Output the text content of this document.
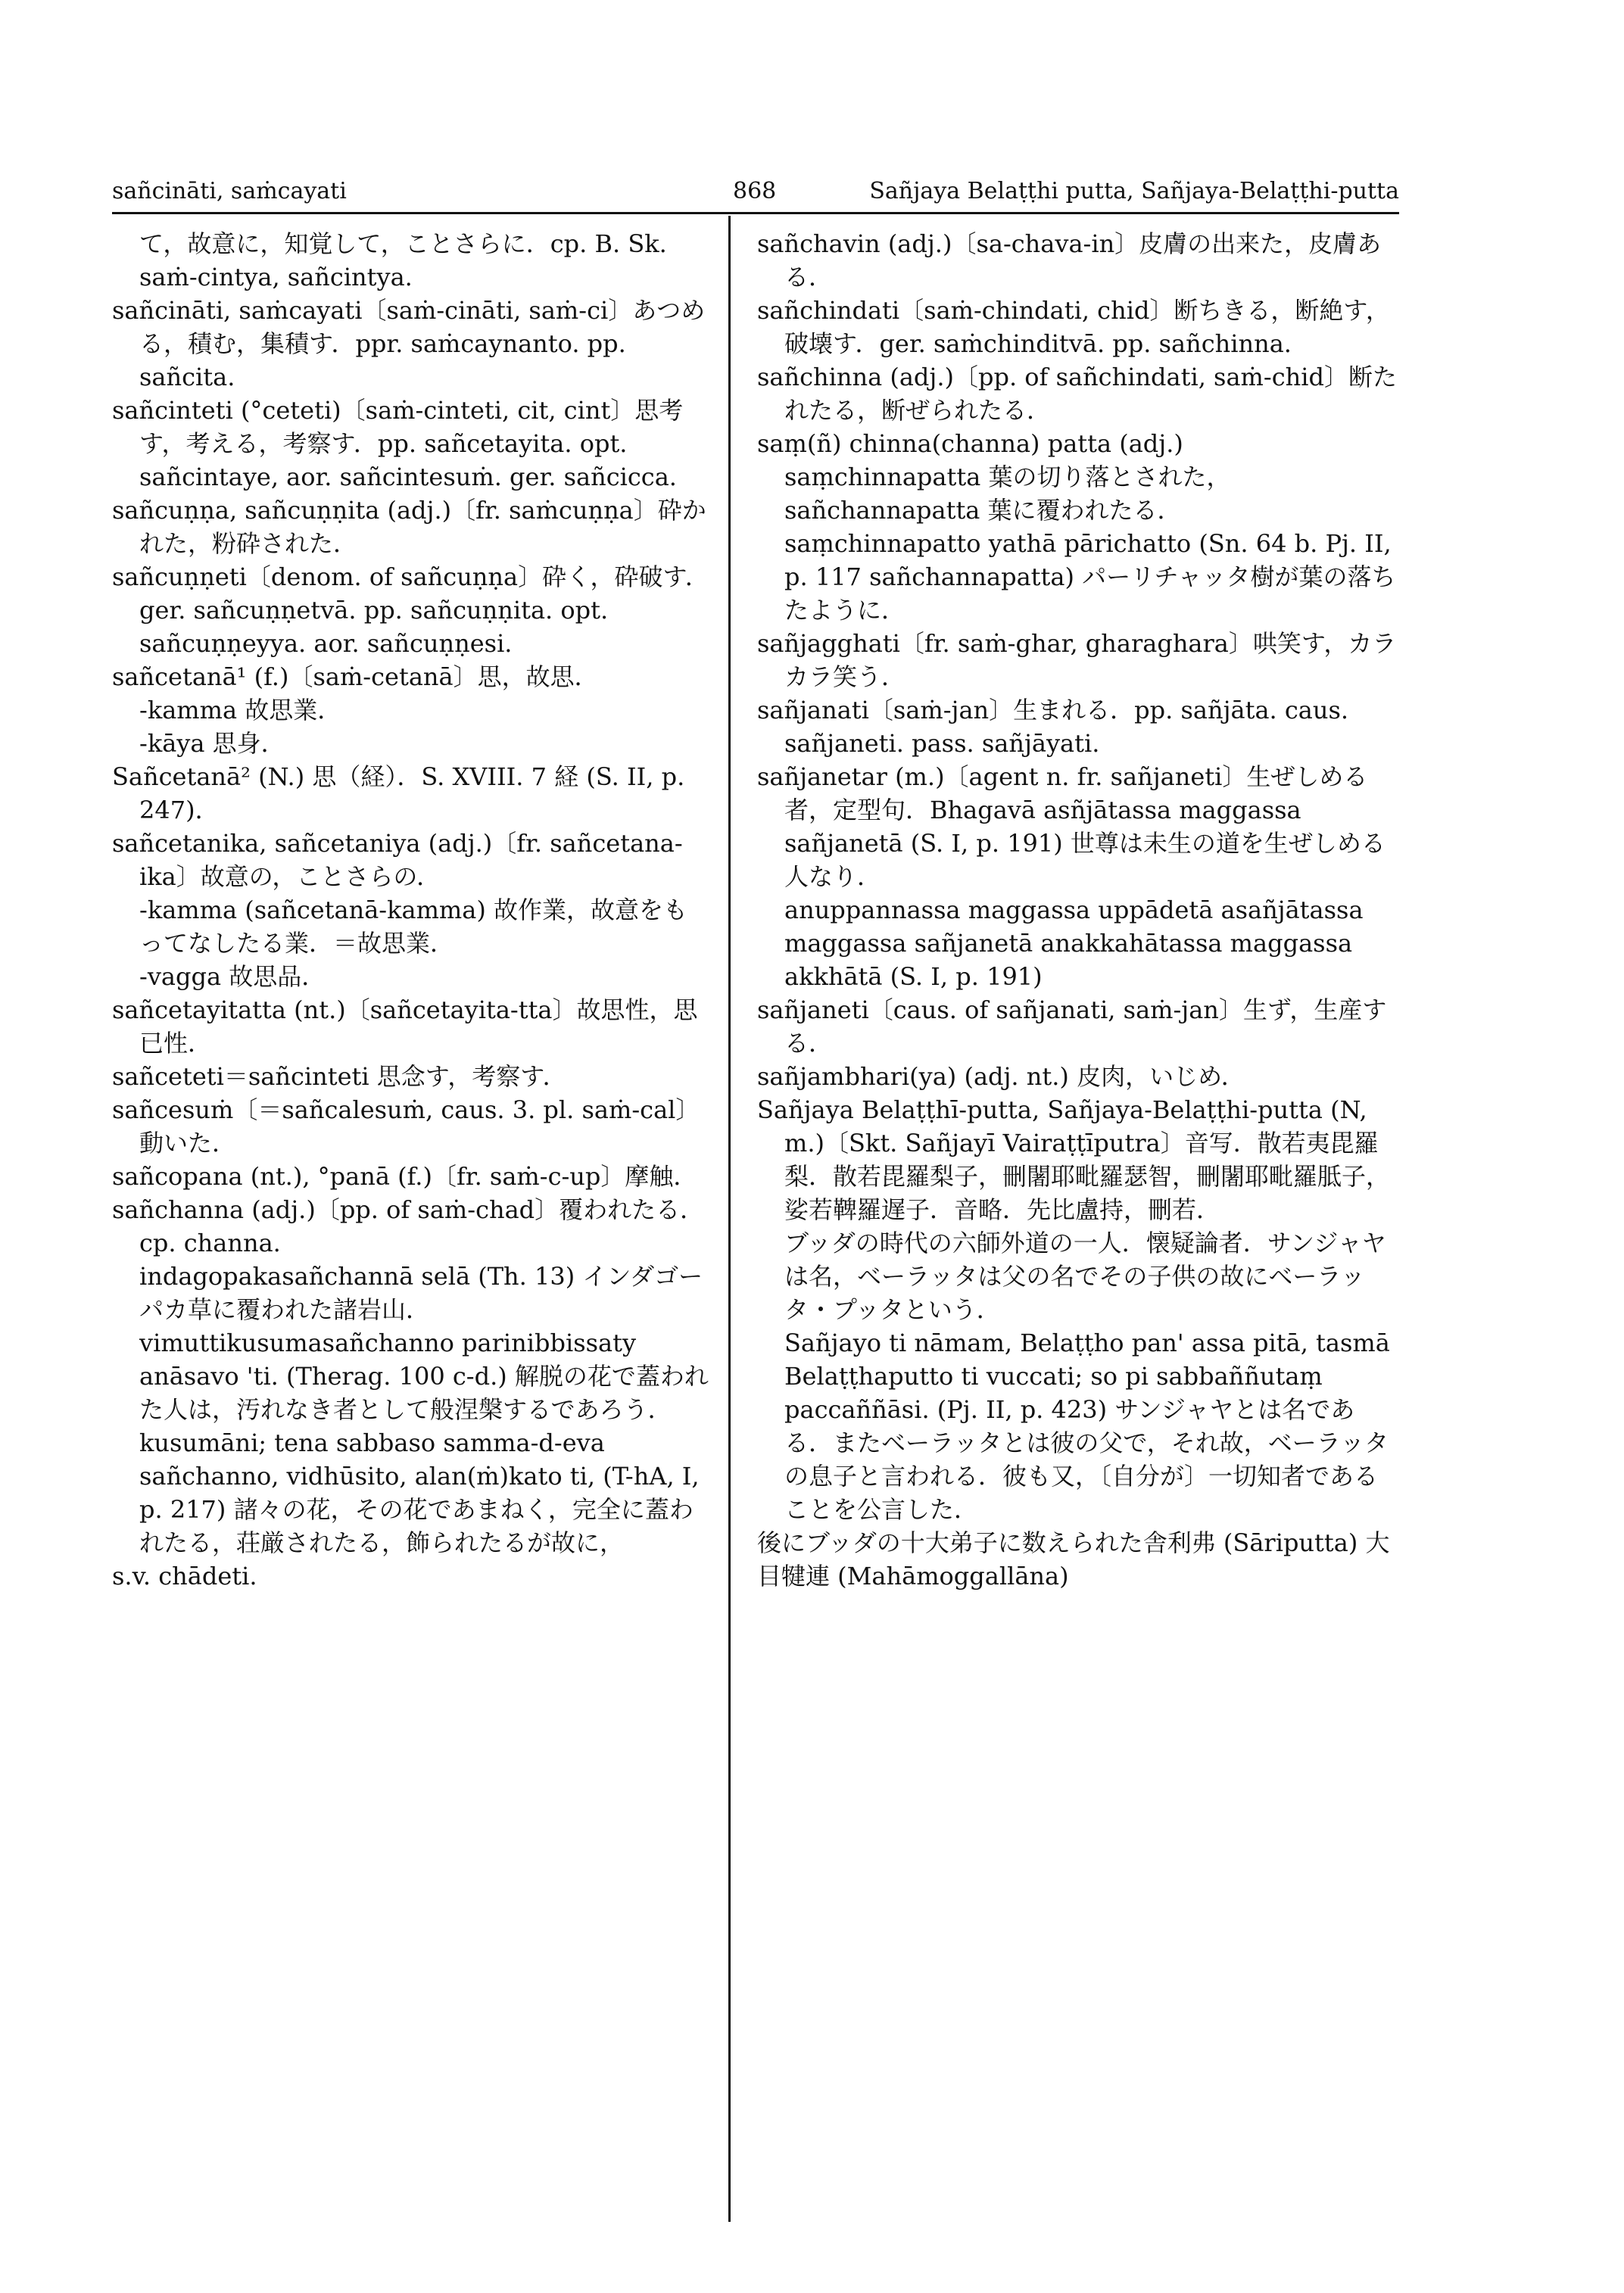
sañcināti, saṁcayati	868	Sañjaya Belaṭṭhi putta, Sañjaya-Belaṭṭhi-putta
て，故意に，知覚して，ことさらに．cp. B. Sk. saṁ-cintya, sañcintya.
sañcināti, saṁcayati〔saṁ-cināti, saṁ-ci〕あつめる，積む，集積す．ppr. saṁcaynanto. pp. sañcita.
sañcinteti (°ceteti)〔saṁ-cinteti, cit, cint〕思考す，考える，考察す．pp. sañcetayita. opt. sañcintaye, aor. sañcintesuṁ. ger. sañcicca.
sañcuṇṇa, sañcuṇṇita (adj.)〔fr. saṁcuṇṇa〕砕かれた，粉砕された．
sañcuṇṇeti〔denom. of sañcuṇṇa〕砕く，砕破す．ger. sañcuṇṇetvā. pp. sañcuṇṇita. opt. sañcuṇṇeyya. aor. sañcuṇṇesi.
sañcetanā¹ (f.)〔saṁ-cetanā〕思，故思．
-kamma 故思業．
-kāya 思身．
Sañcetanā² (N.) 思（経）．S. XVIII. 7 経 (S. II, p. 247)．
sañcetanika, sañcetaniya (adj.)〔fr. sañcetana-ika〕故意の，ことさらの．
-kamma (sañcetanā-kamma) 故作業，故意をもってなしたる業．＝故思業．
-vagga 故思品．
sañcetayitatta (nt.)〔sañcetayita-tta〕故思性，思已性．
sañceteti＝sañcinteti 思念す，考察す．
sañcesuṁ〔＝sañcalesuṁ, caus. 3. pl. saṁ-cal〕動いた．
sañcopana (nt.), °panā (f.)〔fr. saṁ-c-up〕摩触．
sañchanna (adj.)〔pp. of saṁ-chad〕覆われたる．cp. channa.
indagopakasañchannā selā (Th. 13) インダゴーパカ草に覆われた諸岩山．
vimuttikusumasañchanno parinibbissaty anāsavo 'ti. (Therag. 100 c-d.) 解脱の花で蓋われた人は，汚れなき者として般涅槃するであろう．
kusumāni; tena sabbaso samma-d-eva sañchanno, vidhūsito, alan(ṁ)kato ti, (T-hA, I, p. 217) 諸々の花，その花であまねく，完全に蓋われたる，荘厳されたる，飾られたるが故に，
s.v. chādeti.
sañchavin (adj.)〔sa-chava-in〕皮膚の出来た，皮膚ある．
sañchindati〔saṁ-chindati, chid〕断ちきる，断絶す，破壊す．ger. saṁchinditvā. pp. sañchinna.
sañchinna (adj.)〔pp. of sañchindati, saṁ-chid〕断たれたる，断ぜられたる．
saṃ(ñ) chinna(channa) patta (adj.)
saṃchinnapatta 葉の切り落とされた，
sañchannapatta 葉に覆われたる．
saṃchinnapatto yathā pārichatto (Sn. 64 b. Pj. II, p. 117 sañchannapatta) パーリチャッタ樹が葉の落ちたように．
sañjagghati〔fr. saṁ-ghar, gharaghara〕哄笑す，カラカラ笑う．
sañjanati〔saṁ-jan〕生まれる．pp. sañjāta. caus. sañjaneti. pass. sañjāyati.
sañjanetar (m.)〔agent n. fr. sañjaneti〕生ぜしめる者，定型句．Bhagavā asñjātassa maggassa sañjanetā (S. I, p. 191) 世尊は未生の道を生ぜしめる人なり．
anuppannassa maggassa uppādetā asañjātassa maggassa sañjanetā anakkahātassa maggassa akkhātā (S. I, p. 191)
sañjaneti〔caus. of sañjanati, saṁ-jan〕生ず，生産する．
sañjambhari(ya) (adj. nt.) 皮肉，いじめ．
Sañjaya Belaṭṭhī-putta, Sañjaya-Belaṭṭhi-putta (N, m.)〔Skt. Sañjayī Vairaṭṭīputra〕音写．散若夷毘羅梨．散若毘羅梨子，刪闍耶毗羅瑟智，刪闍耶毗羅胝子，娑若鞞羅遅子．音略．先比盧持，刪若．
ブッダの時代の六師外道の一人．懐疑論者．サンジャヤは名，ベーラッタは父の名でその子供の故にベーラッタ・プッタという．
Sañjayo ti nāmam, Belaṭṭho pan' assa pitā, tasmā Belaṭṭhaputto ti vuccati; so pi sabbaññutaṃ paccaññāsi. (Pj. II, p. 423) サンジャヤとは名である．またベーラッタとは彼の父で，それ故，ベーラッタの息子と言われる．彼も又，〔自分が〕一切知者であることを公言した．
後にブッダの十大弟子に数えられた舎利弗 (Sāriputta) 大目犍連 (Mahāmoggallāna)
